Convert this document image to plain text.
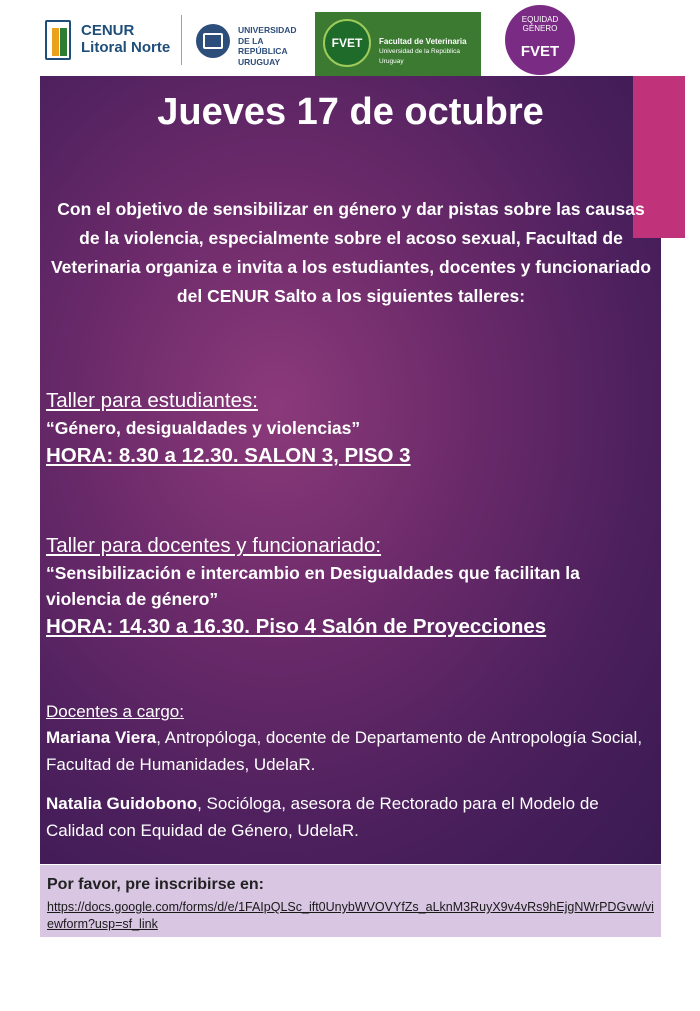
CENUR
Litoral Norte
UNIVERSIDAD
DE LA REPÚBLICA
URUGUAY
FVET	Facultad de Veterinaria
Universidad de la República
Uruguay
EQUIDAD
GÉNERO
FVET
Jueves 17 de octubre
Con el objetivo de sensibilizar en género y dar pistas sobre las causas de la violencia, especialmente sobre el acoso sexual, Facultad de Veterinaria organiza e invita a los estudiantes, docentes y funcionariado del CENUR Salto a los siguientes talleres:
Taller para estudiantes:
“Género, desigualdades y violencias”
HORA: 8.30 a 12.30. SALON 3, PISO 3
Taller para docentes y funcionariado:
“Sensibilización e intercambio en Desigualdades que facilitan la violencia de género”
HORA: 14.30 a 16.30. Piso 4 Salón de Proyecciones
Docentes a cargo:
Mariana Viera, Antropóloga, docente de Departamento de Antropología Social, Facultad de Humanidades, UdelaR.
Natalia Guidobono, Socióloga, asesora de Rectorado para el Modelo de Calidad con Equidad de Género, UdelaR.
Por favor, pre inscribirse en:
https://docs.google.com/forms/d/e/1FAIpQLSc_ift0UnybWVOVYfZs_aLknM3RuyX9v4vRs9hEjgNWrPDGvw/viewform?usp=sf_link
